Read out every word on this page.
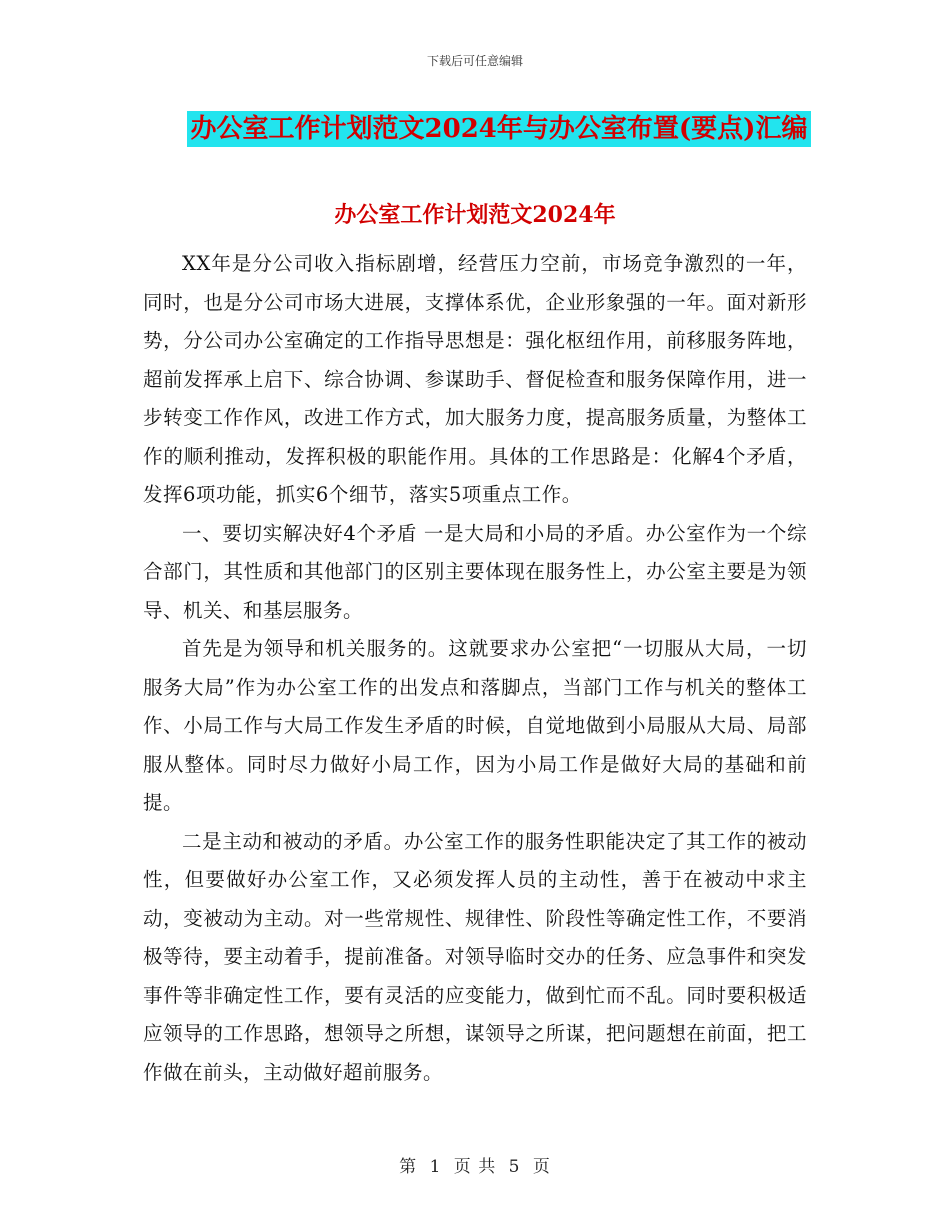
下载后可任意编辑
办公室工作计划范文2024年与办公室布置(要点)汇编
办公室工作计划范文2024年

XX年是分公司收入指标剧增，经营压力空前，市场竞争激烈的一年，同时，也是分公司市场大进展，支撑体系优，企业形象强的一年。面对新形势，分公司办公室确定的工作指导思想是：强化枢纽作用，前移服务阵地，超前发挥承上启下、综合协调、参谋助手、督促检查和服务保障作用，进一步转变工作作风，改进工作方式，加大服务力度，提高服务质量，为整体工作的顺利推动，发挥积极的职能作用。具体的工作思路是：化解4个矛盾，发挥6项功能，抓实6个细节，落实5项重点工作。

一、要切实解决好4个矛盾 一是大局和小局的矛盾。办公室作为一个综合部门，其性质和其他部门的区别主要体现在服务性上，办公室主要是为领导、机关、和基层服务。

首先是为领导和机关服务的。这就要求办公室把“一切服从大局，一切服务大局”作为办公室工作的出发点和落脚点，当部门工作与机关的整体工作、小局工作与大局工作发生矛盾的时候，自觉地做到小局服从大局、局部服从整体。同时尽力做好小局工作，因为小局工作是做好大局的基础和前提。

二是主动和被动的矛盾。办公室工作的服务性职能决定了其工作的被动性，但要做好办公室工作，又必须发挥人员的主动性，善于在被动中求主动，变被动为主动。对一些常规性、规律性、阶段性等确定性工作，不要消极等待，要主动着手，提前准备。对领导临时交办的任务、应急事件和突发事件等非确定性工作，要有灵活的应变能力，做到忙而不乱。同时要积极适应领导的工作思路，想领导之所想，谋领导之所谋，把问题想在前面，把工作做在前头，主动做好超前服务。

第 1 页 共 5 页
